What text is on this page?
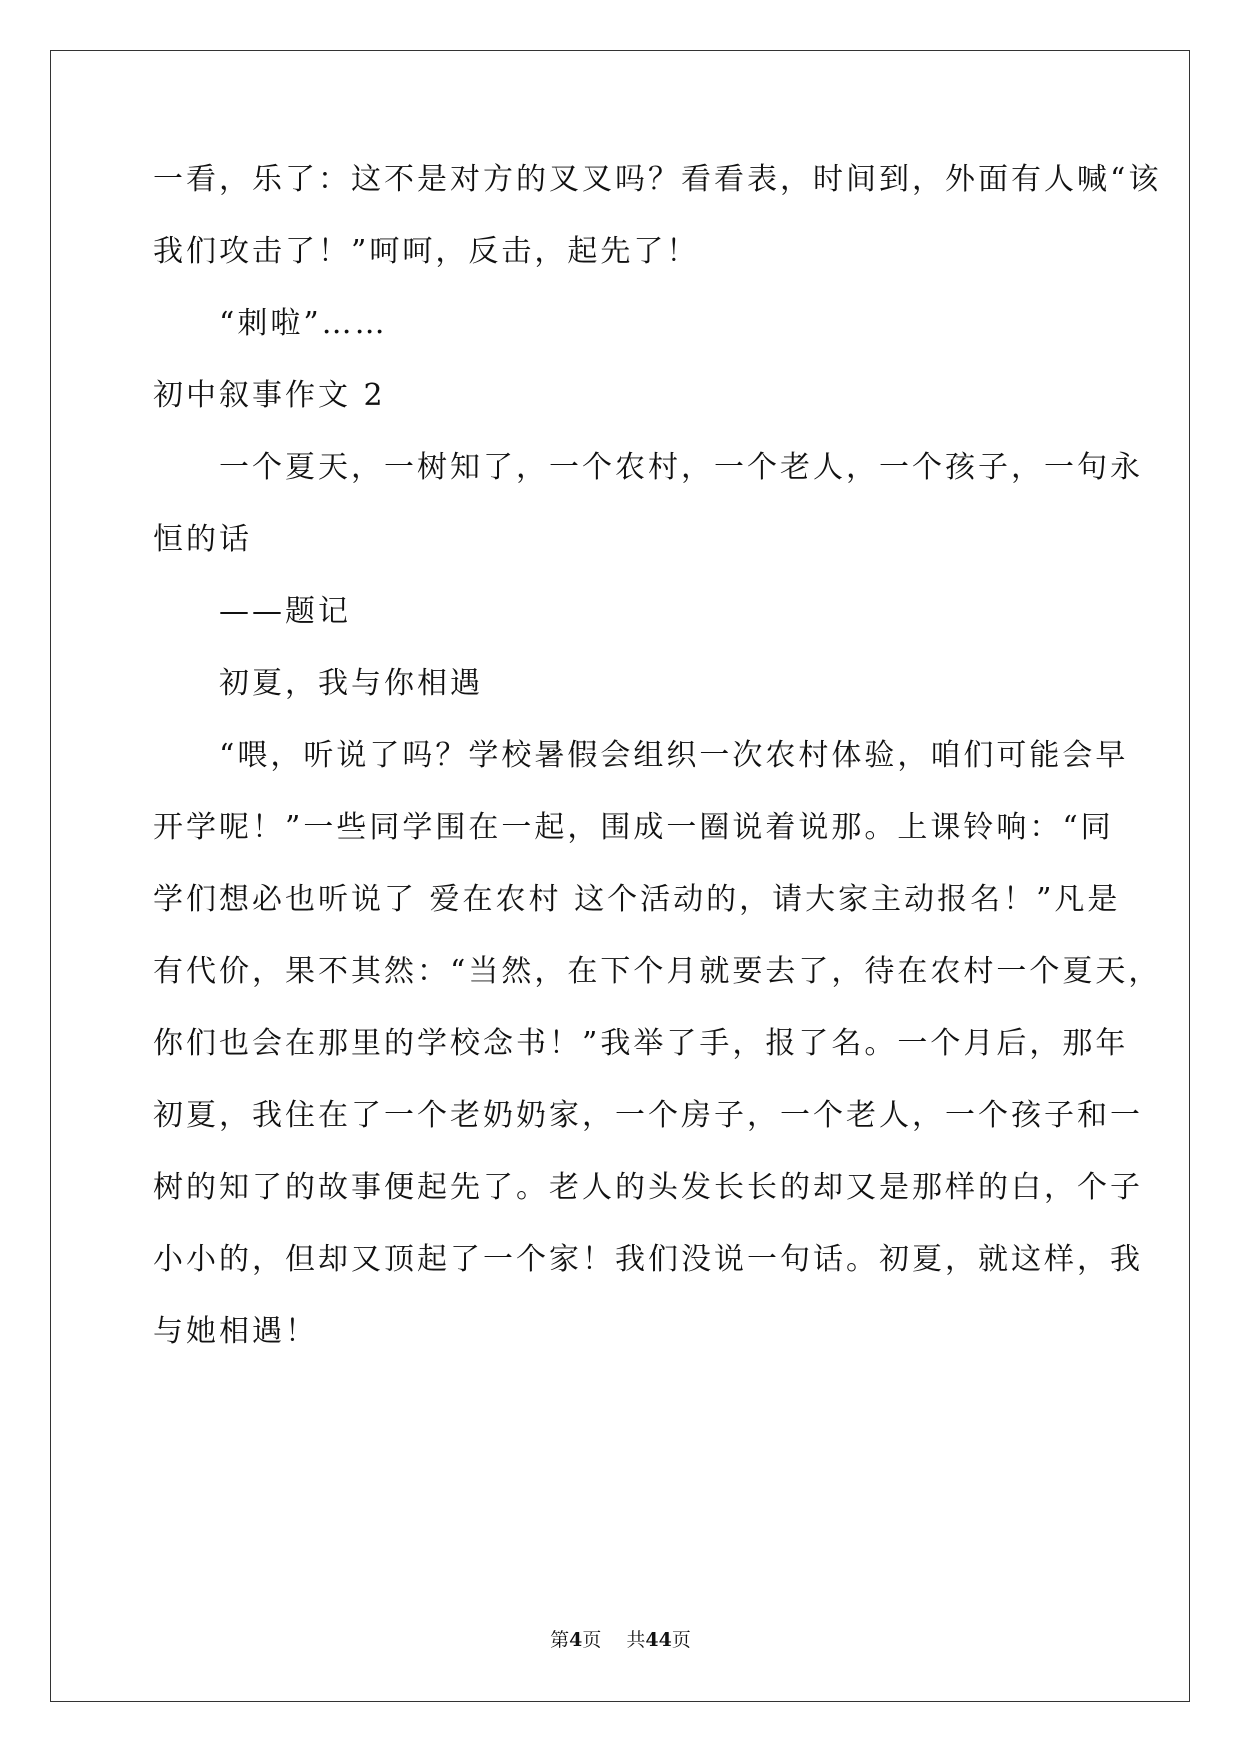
一看，乐了：这不是对方的叉叉吗？看看表，时间到，外面有人喊“该
我们攻击了！”呵呵，反击，起先了！
　　“刺啦”……
初中叙事作文 2
　　一个夏天，一树知了，一个农村，一个老人，一个孩子，一句永
恒的话
　　——题记
　　初夏，我与你相遇
　　“喂，听说了吗？学校暑假会组织一次农村体验，咱们可能会早
开学呢！”一些同学围在一起，围成一圈说着说那。上课铃响：“同
学们想必也听说了 爱在农村 这个活动的，请大家主动报名！”凡是
有代价，果不其然：“当然，在下个月就要去了，待在农村一个夏天，
你们也会在那里的学校念书！”我举了手，报了名。一个月后，那年
初夏，我住在了一个老奶奶家，一个房子，一个老人，一个孩子和一
树的知了的故事便起先了。老人的头发长长的却又是那样的白，个子
小小的，但却又顶起了一个家！我们没说一句话。初夏，就这样，我
与她相遇！
第4页　 共44页
